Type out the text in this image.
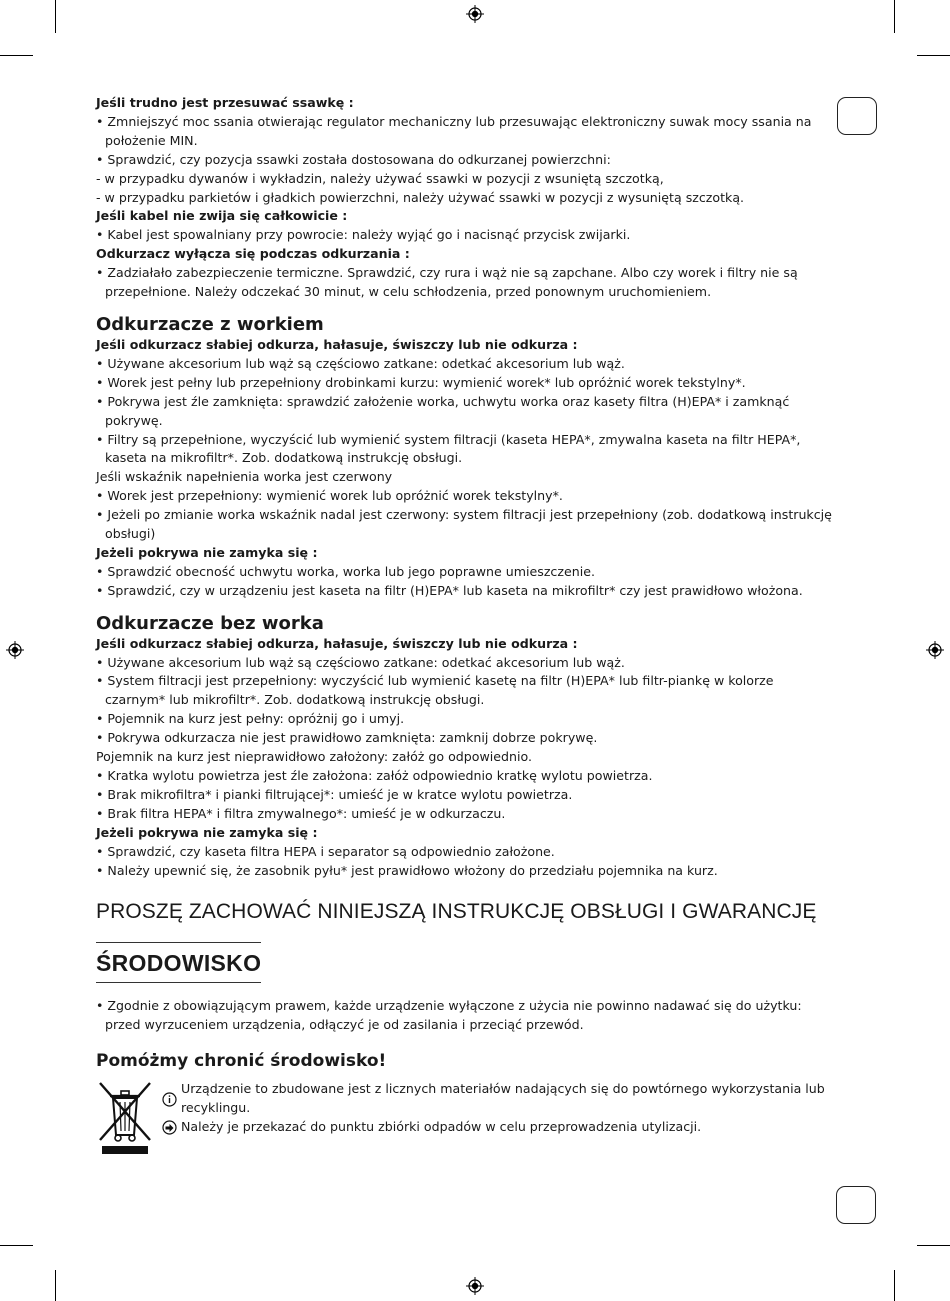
Jeśli trudno jest przesuwać ssawkę :

• Zmniejszyć moc ssania otwierając regulator mechaniczny lub przesuwając elektroniczny suwak mocy ssania na położenie MIN.

• Sprawdzić, czy pozycja ssawki została dostosowana do odkurzanej powierzchni:

- w przypadku dywanów i wykładzin, należy używać ssawki w pozycji z wsuniętą szczotką,

- w przypadku parkietów i gładkich powierzchni, należy używać ssawki w pozycji z wysuniętą szczotką.

Jeśli kabel nie zwija się całkowicie :

• Kabel jest spowalniany przy powrocie: należy wyjąć go i nacisnąć przycisk zwijarki.

Odkurzacz wyłącza się podczas odkurzania :

• Zadziałało zabezpieczenie termiczne. Sprawdzić, czy rura i wąż nie są zapchane. Albo czy worek i filtry nie są przepełnione. Należy odczekać 30 minut, w celu schłodzenia, przed ponownym uruchomieniem.

Odkurzacze z workiem

Jeśli odkurzacz słabiej odkurza, hałasuje, świszczy lub nie odkurza :

• Używane akcesorium lub wąż są częściowo zatkane: odetkać akcesorium lub wąż.

• Worek jest pełny lub przepełniony drobinkami kurzu: wymienić worek* lub opróżnić worek tekstylny*.

• Pokrywa jest źle zamknięta: sprawdzić założenie worka, uchwytu worka oraz kasety filtra (H)EPA* i zamknąć pokrywę.

• Filtry są przepełnione, wyczyścić lub wymienić system filtracji (kaseta HEPA*, zmywalna kaseta na filtr HEPA*, kaseta na mikrofiltr*. Zob. dodatkową instrukcję obsługi.

Jeśli wskaźnik napełnienia worka jest czerwony

• Worek jest przepełniony: wymienić worek lub opróżnić worek tekstylny*.

• Jeżeli po zmianie worka wskaźnik nadal jest czerwony: system filtracji jest przepełniony (zob. dodatkową instrukcję obsługi)

Jeżeli pokrywa nie zamyka się :

• Sprawdzić obecność uchwytu worka, worka lub jego poprawne umieszczenie.

• Sprawdzić, czy w urządzeniu jest kaseta na filtr (H)EPA* lub kaseta na mikrofiltr* czy jest prawidłowo włożona.

Odkurzacze bez worka

Jeśli odkurzacz słabiej odkurza, hałasuje, świszczy lub nie odkurza :

• Używane akcesorium lub wąż są częściowo zatkane: odetkać akcesorium lub wąż.

• System filtracji jest przepełniony: wyczyścić lub wymienić kasetę na filtr (H)EPA* lub filtr-piankę w kolorze czarnym* lub mikrofiltr*. Zob. dodatkową instrukcję obsługi.

• Pojemnik na kurz jest pełny: opróżnij go i umyj.

• Pokrywa odkurzacza nie jest prawidłowo zamknięta: zamknij dobrze pokrywę.

Pojemnik na kurz jest nieprawidłowo założony: załóż go odpowiednio.

• Kratka wylotu powietrza jest źle założona: załóż odpowiednio kratkę wylotu powietrza.

• Brak mikrofiltra* i pianki filtrującej*: umieść je w kratce wylotu powietrza.

• Brak filtra HEPA* i filtra zmywalnego*: umieść je w odkurzaczu.

Jeżeli pokrywa nie zamyka się :

• Sprawdzić, czy kaseta filtra HEPA i separator są odpowiednio założone.

• Należy upewnić się, że zasobnik pyłu* jest prawidłowo włożony do przedziału pojemnika na kurz.

PROSZĘ ZACHOWAĆ NINIEJSZĄ INSTRUKCJĘ OBSŁUGI I GWARANCJĘ

ŚRODOWISKO

• Zgodnie z obowiązującym prawem, każde urządzenie wyłączone z użycia nie powinno nadawać się do użytku: przed wyrzuceniem urządzenia, odłączyć je od zasilania i przeciąć przewód.

Pomóżmy chronić środowisko!

Urządzenie to zbudowane jest z licznych materiałów nadających się do powtórnego wykorzystania lub recyklingu.
Należy je przekazać do punktu zbiórki odpadów w celu przeprowadzenia utylizacji.
